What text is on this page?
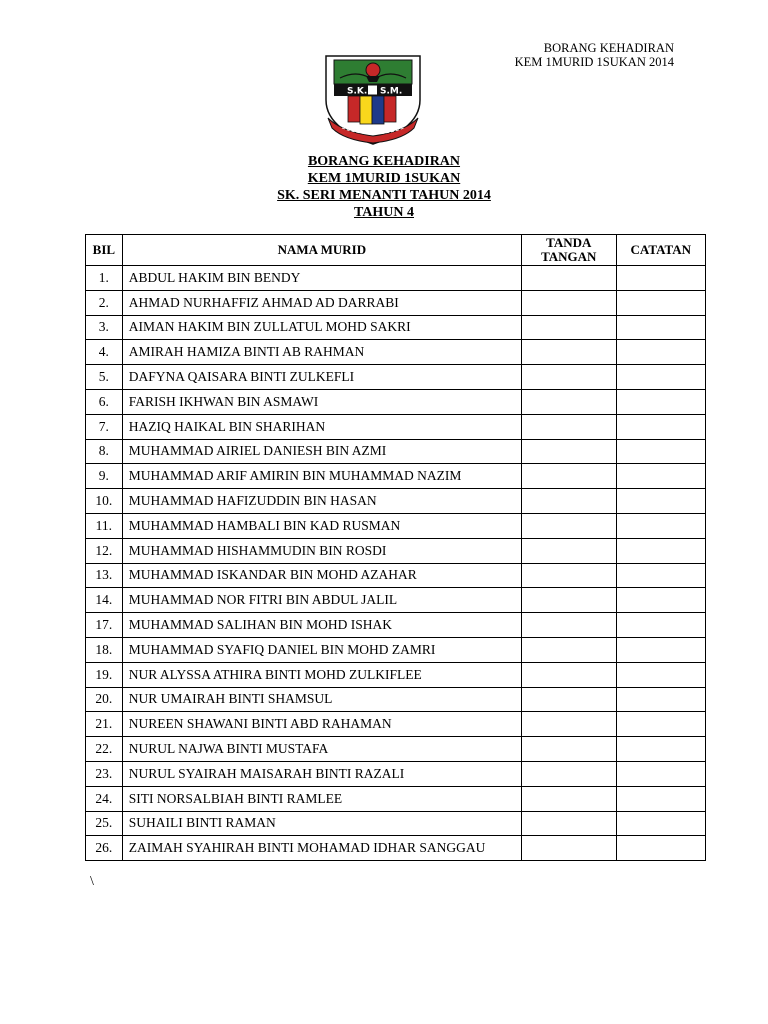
BORANG KEHADIRAN
KEM 1MURID 1SUKAN 2014
S.K. S.M.
BORANG KEHADIRAN
KEM 1MURID 1SUKAN
SK. SERI MENANTI TAHUN 2014
TAHUN 4
BIL	NAMA MURID	TANDA TANGAN	CATATAN
1.	ABDUL HAKIM BIN BENDY		
2.	AHMAD NURHAFFIZ AHMAD AD DARRABI		
3.	AIMAN HAKIM BIN ZULLATUL MOHD SAKRI		
4.	AMIRAH HAMIZA BINTI AB RAHMAN		
5.	DAFYNA QAISARA BINTI ZULKEFLI		
6.	FARISH IKHWAN BIN ASMAWI		
7.	HAZIQ HAIKAL BIN SHARIHAN		
8.	MUHAMMAD AIRIEL DANIESH BIN AZMI		
9.	MUHAMMAD ARIF AMIRIN BIN MUHAMMAD NAZIM		
10.	MUHAMMAD HAFIZUDDIN BIN HASAN		
11.	MUHAMMAD HAMBALI BIN KAD RUSMAN		
12.	MUHAMMAD HISHAMMUDIN BIN ROSDI		
13.	MUHAMMAD ISKANDAR BIN MOHD AZAHAR		
14.	MUHAMMAD NOR FITRI BIN ABDUL JALIL		
17.	MUHAMMAD SALIHAN BIN MOHD ISHAK		
18.	MUHAMMAD SYAFIQ DANIEL BIN MOHD ZAMRI		
19.	NUR ALYSSA ATHIRA BINTI MOHD ZULKIFLEE		
20.	NUR UMAIRAH BINTI SHAMSUL		
21.	NUREEN SHAWANI BINTI ABD RAHAMAN		
22.	NURUL NAJWA BINTI MUSTAFA		
23.	NURUL SYAIRAH MAISARAH BINTI RAZALI		
24.	SITI NORSALBIAH BINTI RAMLEE		
25.	SUHAILI BINTI RAMAN		
26.	ZAIMAH SYAHIRAH BINTI MOHAMAD IDHAR SANGGAU		
\
